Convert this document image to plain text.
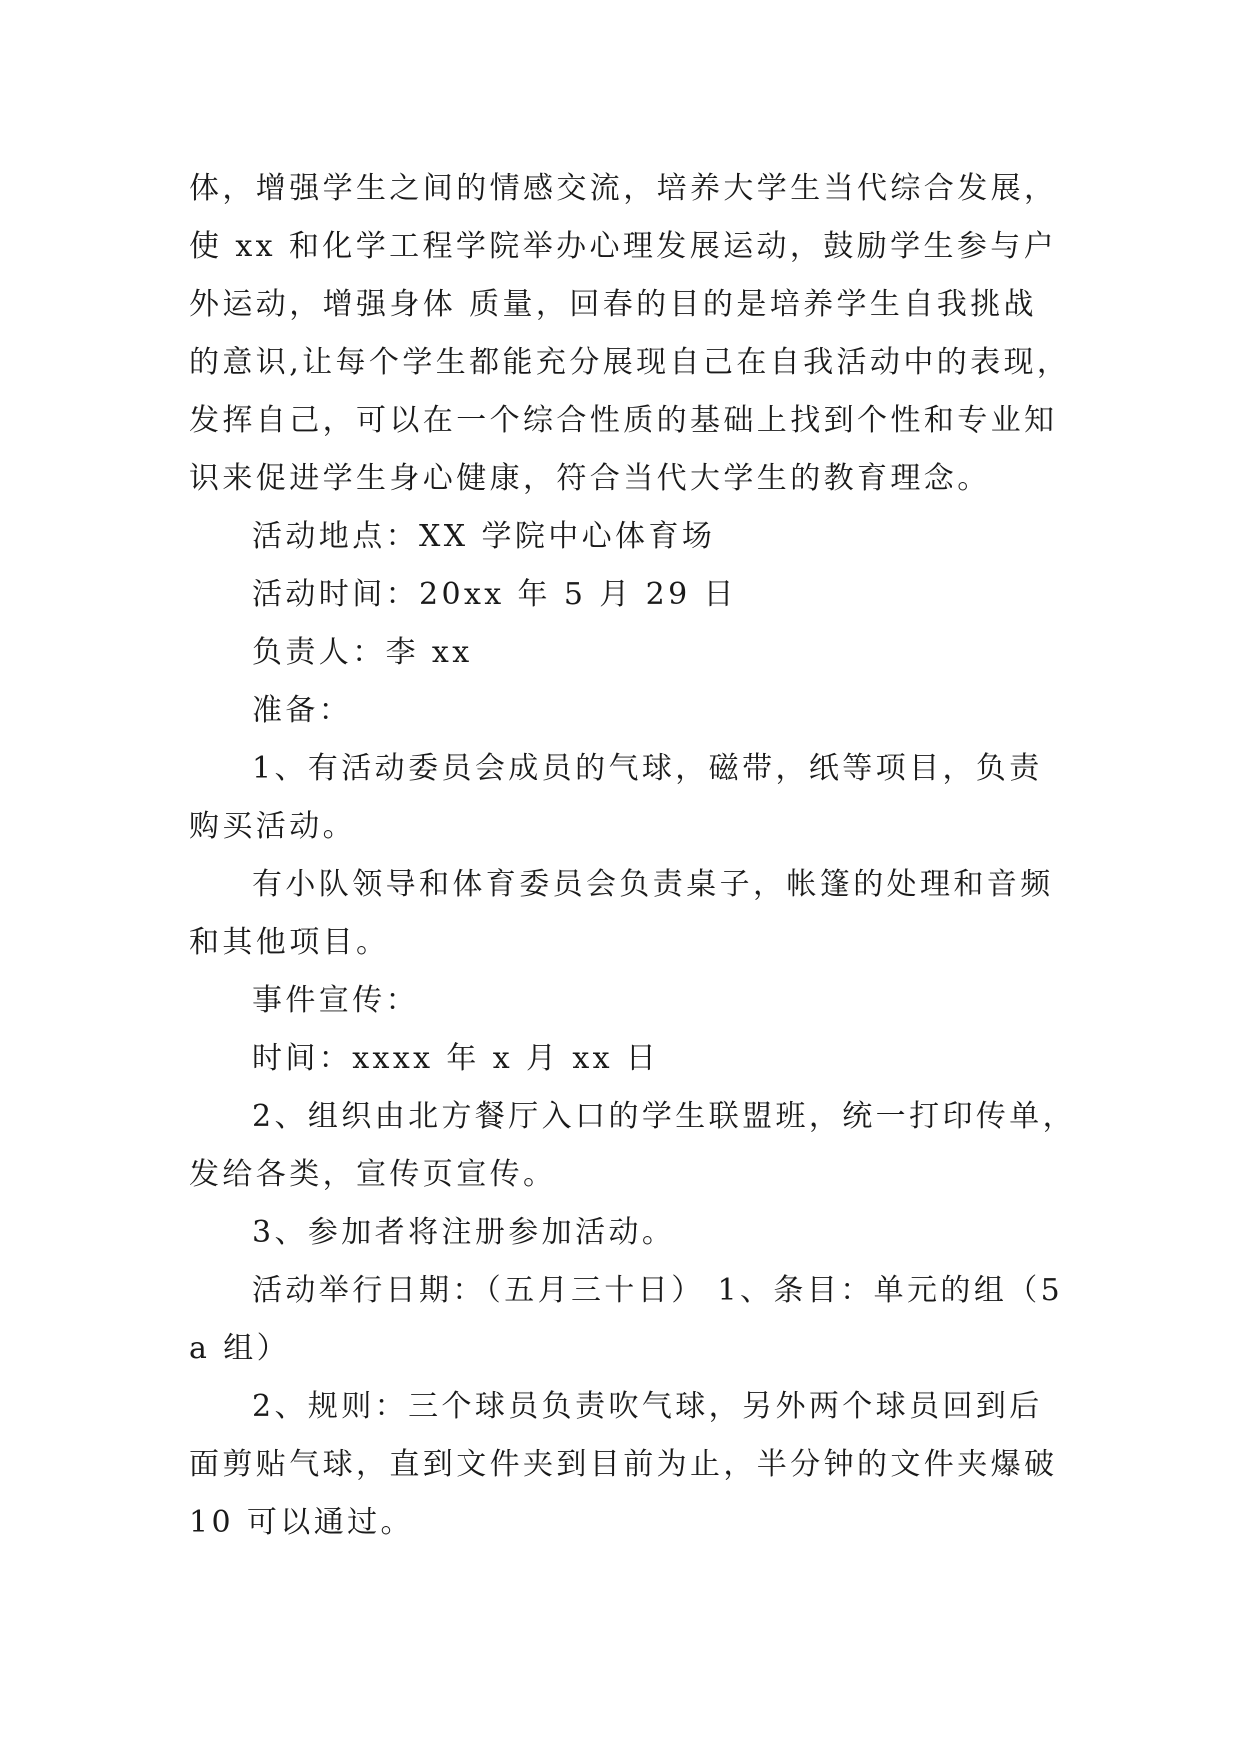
体，增强学生之间的情感交流，培养大学生当代综合发展，
使 xx 和化学工程学院举办心理发展运动，鼓励学生参与户
外运动，增强身体 质量，回春的目的是培养学生自我挑战
的意识,让每个学生都能充分展现自己在自我活动中的表现，
发挥自己，可以在一个综合性质的基础上找到个性和专业知
识来促进学生身心健康，符合当代大学生的教育理念。

活动地点：XX 学院中心体育场

活动时间：20xx 年 5 月 29 日

负责人：李 xx

准备：

1、有活动委员会成员的气球，磁带，纸等项目，负责
购买活动。

有小队领导和体育委员会负责桌子，帐篷的处理和音频
和其他项目。

事件宣传：

时间：xxxx 年 x 月 xx 日

2、组织由北方餐厅入口的学生联盟班，统一打印传单，
发给各类，宣传页宣传。

3、参加者将注册参加活动。

活动举行日期：（五月三十日） 1、条目：单元的组（5
a 组）

2、规则：三个球员负责吹气球，另外两个球员回到后
面剪贴气球，直到文件夹到目前为止，半分钟的文件夹爆破
10 可以通过。
